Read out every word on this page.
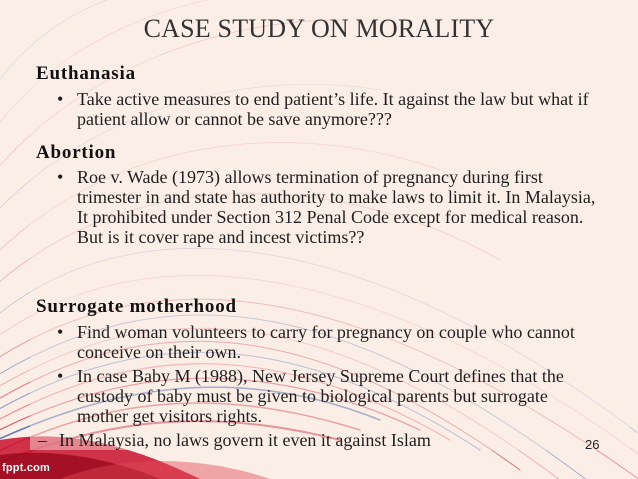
CASE STUDY ON MORALITY
Euthanasia
• Take active measures to end patient’s life. It against the law but what if patient allow or cannot be save anymore???
Abortion
• Roe v. Wade (1973) allows termination of pregnancy during first trimester in and state has authority to make laws to limit it. In Malaysia, It prohibited under Section 312 Penal Code except for medical reason. But is it cover rape and incest victims??
Surrogate motherhood
• Find woman volunteers to carry for pregnancy on couple who cannot conceive on their own.
• In case Baby M (1988), New Jersey Supreme Court defines that the custody of baby must be given to biological parents but surrogate mother get visitors rights.
– In Malaysia, no laws govern it even it against Islam	26
fppt.com
